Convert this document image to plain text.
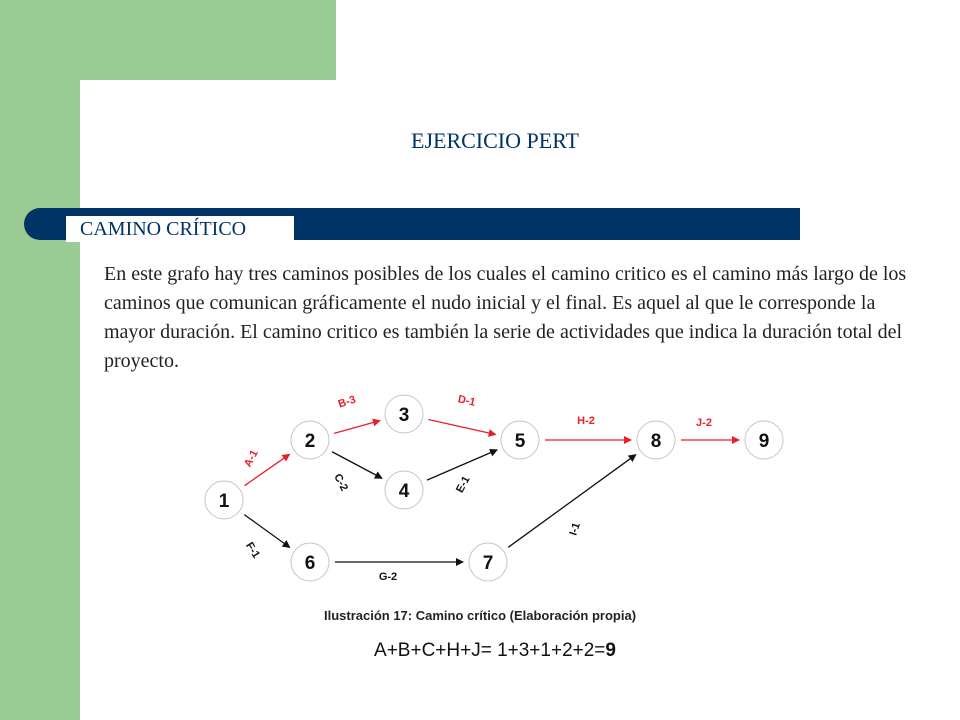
EJERCICIO PERT
CAMINO CRÍTICO
En este grafo hay tres caminos posibles de los cuales el camino critico es el camino más largo de los caminos que comunican gráficamente el nudo inicial y el final. Es aquel al que le corresponde la mayor duración. El camino critico es también la serie de actividades que indica la duración total del proyecto.
A-1
B-3	D-1
C-2	E-1
H-2	J-2
F-1
G-2
I-1
1
2
3
4
5
6	7
8	9
Ilustración 17: Camino crítico (Elaboración propia)
A+B+C+H+J= 1+3+1+2+2=9
